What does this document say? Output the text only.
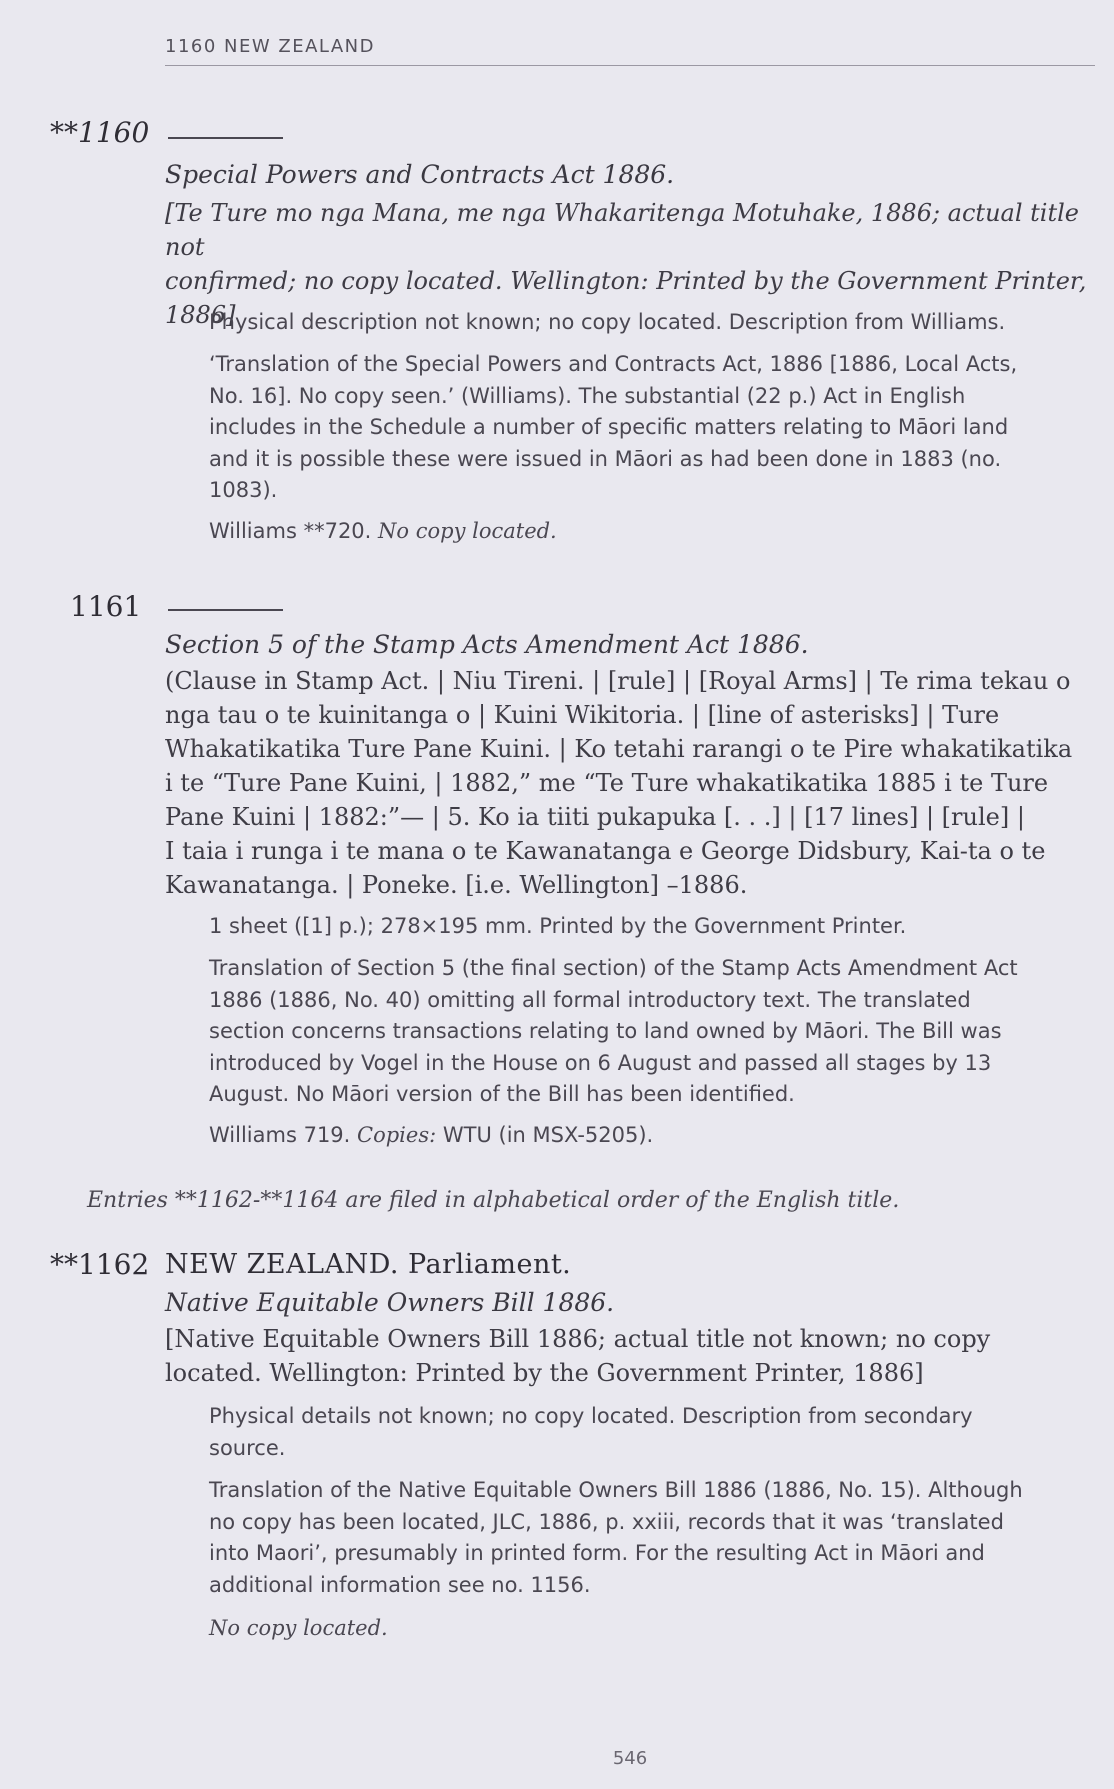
1160 NEW ZEALAND
**1160
Special Powers and Contracts Act 1886.
[Te Ture mo nga Mana, me nga Whakaritenga Motuhake, 1886; actual title not
confirmed; no copy located. Wellington: Printed by the Government Printer,
1886]
Physical description not known; no copy located. Description from Williams.
‘Translation of the Special Powers and Contracts Act, 1886 [1886, Local Acts,
No. 16]. No copy seen.’ (Williams). The substantial (22 p.) Act in English
includes in the Schedule a number of specific matters relating to Māori land
and it is possible these were issued in Māori as had been done in 1883 (no.
1083).
Williams **720. No copy located.
1161
Section 5 of the Stamp Acts Amendment Act 1886.
(Clause in Stamp Act. | Niu Tireni. | [rule] | [Royal Arms] | Te rima tekau o
nga tau o te kuinitanga o | Kuini Wikitoria. | [line of asterisks] | Ture
Whakatikatika Ture Pane Kuini. | Ko tetahi rarangi o te Pire whakatikatika
i te “Ture Pane Kuini, | 1882,” me “Te Ture whakatikatika 1885 i te Ture
Pane Kuini | 1882:”— | 5. Ko ia tiiti pukapuka [. . .] | [17 lines] | [rule] |
I taia i runga i te mana o te Kawanatanga e George Didsbury, Kai-ta o te
Kawanatanga. | Poneke. [i.e. Wellington] –1886.
1 sheet ([1] p.); 278×195 mm. Printed by the Government Printer.
Translation of Section 5 (the final section) of the Stamp Acts Amendment Act
1886 (1886, No. 40) omitting all formal introductory text. The translated
section concerns transactions relating to land owned by Māori. The Bill was
introduced by Vogel in the House on 6 August and passed all stages by 13
August. No Māori version of the Bill has been identified.
Williams 719. Copies: WTU (in MSX-5205).
Entries **1162-**1164 are filed in alphabetical order of the English title.
**1162 NEW ZEALAND. Parliament.
Native Equitable Owners Bill 1886.
[Native Equitable Owners Bill 1886; actual title not known; no copy
located. Wellington: Printed by the Government Printer, 1886]
Physical details not known; no copy located. Description from secondary
source.
Translation of the Native Equitable Owners Bill 1886 (1886, No. 15). Although
no copy has been located, JLC, 1886, p. xxiii, records that it was ‘translated
into Maori’, presumably in printed form. For the resulting Act in Māori and
additional information see no. 1156.
No copy located.
546
